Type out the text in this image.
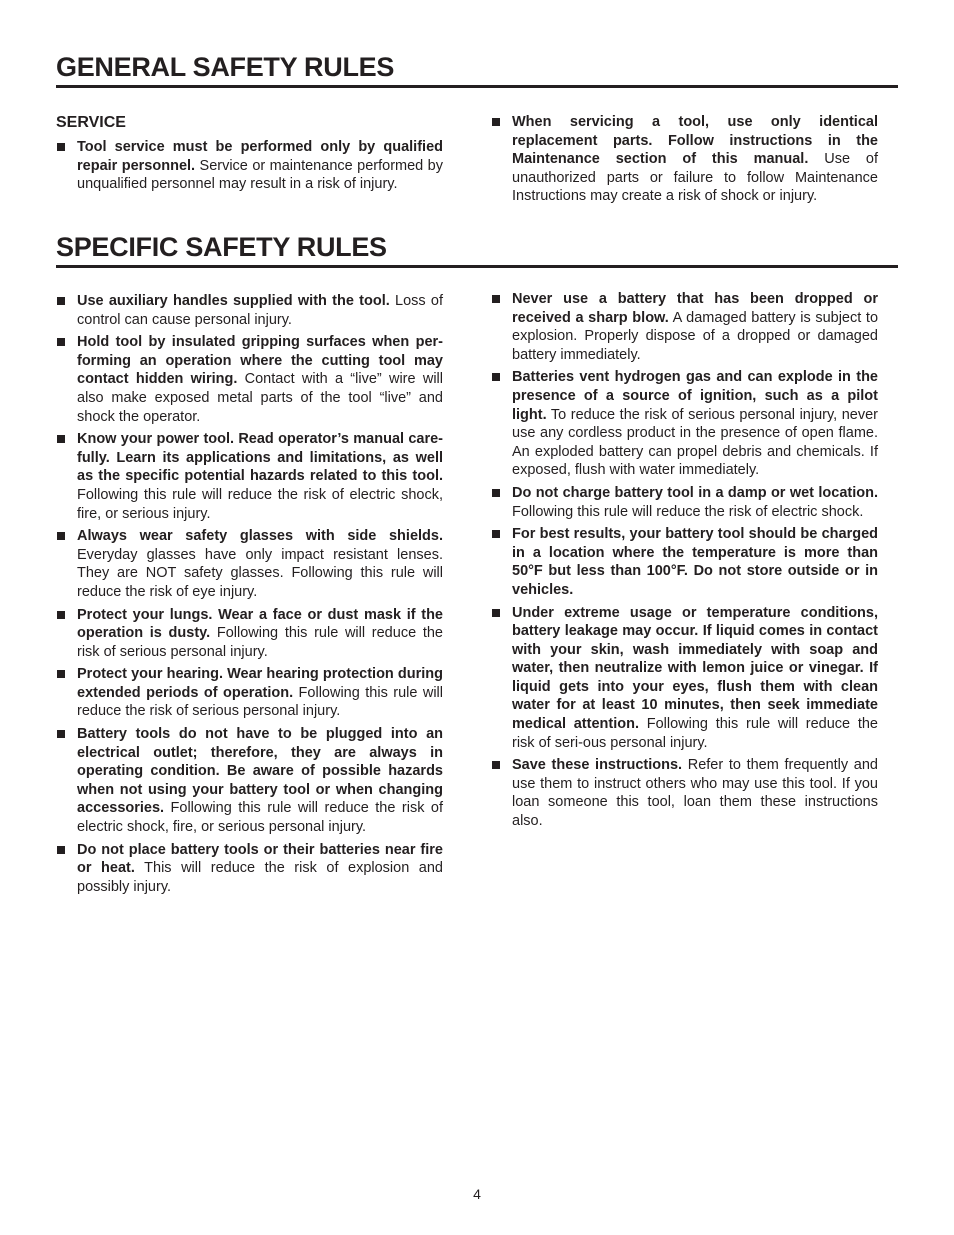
GENERAL SAFETY RULES
SERVICE
Tool service must be performed only by qualified repair personnel. Service or maintenance performed by unqualified personnel may result in a risk of injury.
When servicing a tool, use only identical replacement parts. Follow instructions in the Maintenance section of this manual. Use of unauthorized parts or failure to follow Maintenance Instructions may create a risk of shock or injury.
SPECIFIC SAFETY RULES
Use auxiliary handles supplied with the tool. Loss of control can cause personal injury.
Hold tool by insulated gripping surfaces when per-forming an operation where the cutting tool may contact hidden wiring. Contact with a “live” wire will also make exposed metal parts of the tool “live” and shock the operator.
Know your power tool. Read operator’s manual care-fully. Learn its applications and limitations, as well as the specific potential hazards related to this tool. Following this rule will reduce the risk of electric shock, fire, or serious injury.
Always wear safety glasses with side shields. Everyday glasses have only impact resistant lenses. They are NOT safety glasses. Following this rule will reduce the risk of eye injury.
Protect your lungs. Wear a face or dust mask if the operation is dusty. Following this rule will reduce the risk of serious personal injury.
Protect your hearing. Wear hearing protection during extended periods of operation. Following this rule will reduce the risk of serious personal injury.
Battery tools do not have to be plugged into an electrical outlet; therefore, they are always in operating condition. Be aware of possible hazards when not using your battery tool or when changing accessories. Following this rule will reduce the risk of electric shock, fire, or serious personal injury.
Do not place battery tools or their batteries near fire or heat. This will reduce the risk of explosion and possibly injury.
Never use a battery that has been dropped or received a sharp blow. A damaged battery is subject to explosion. Properly dispose of a dropped or damaged battery immediately.
Batteries vent hydrogen gas and can explode in the presence of a source of ignition, such as a pilot light. To reduce the risk of serious personal injury, never use any cordless product in the presence of open flame. An exploded battery can propel debris and chemicals. If exposed, flush with water immediately.
Do not charge battery tool in a damp or wet location. Following this rule will reduce the risk of electric shock.
For best results, your battery tool should be charged in a location where the temperature is more than 50°F but less than 100°F. Do not store outside or in vehicles.
Under extreme usage or temperature conditions, battery leakage may occur. If liquid comes in contact with your skin, wash immediately with soap and water, then neutralize with lemon juice or vinegar. If liquid gets into your eyes, flush them with clean water for at least 10 minutes, then seek immediate medical attention. Following this rule will reduce the risk of seri-ous personal injury.
Save these instructions. Refer to them frequently and use them to instruct others who may use this tool. If you loan someone this tool, loan them these instructions also.
4
